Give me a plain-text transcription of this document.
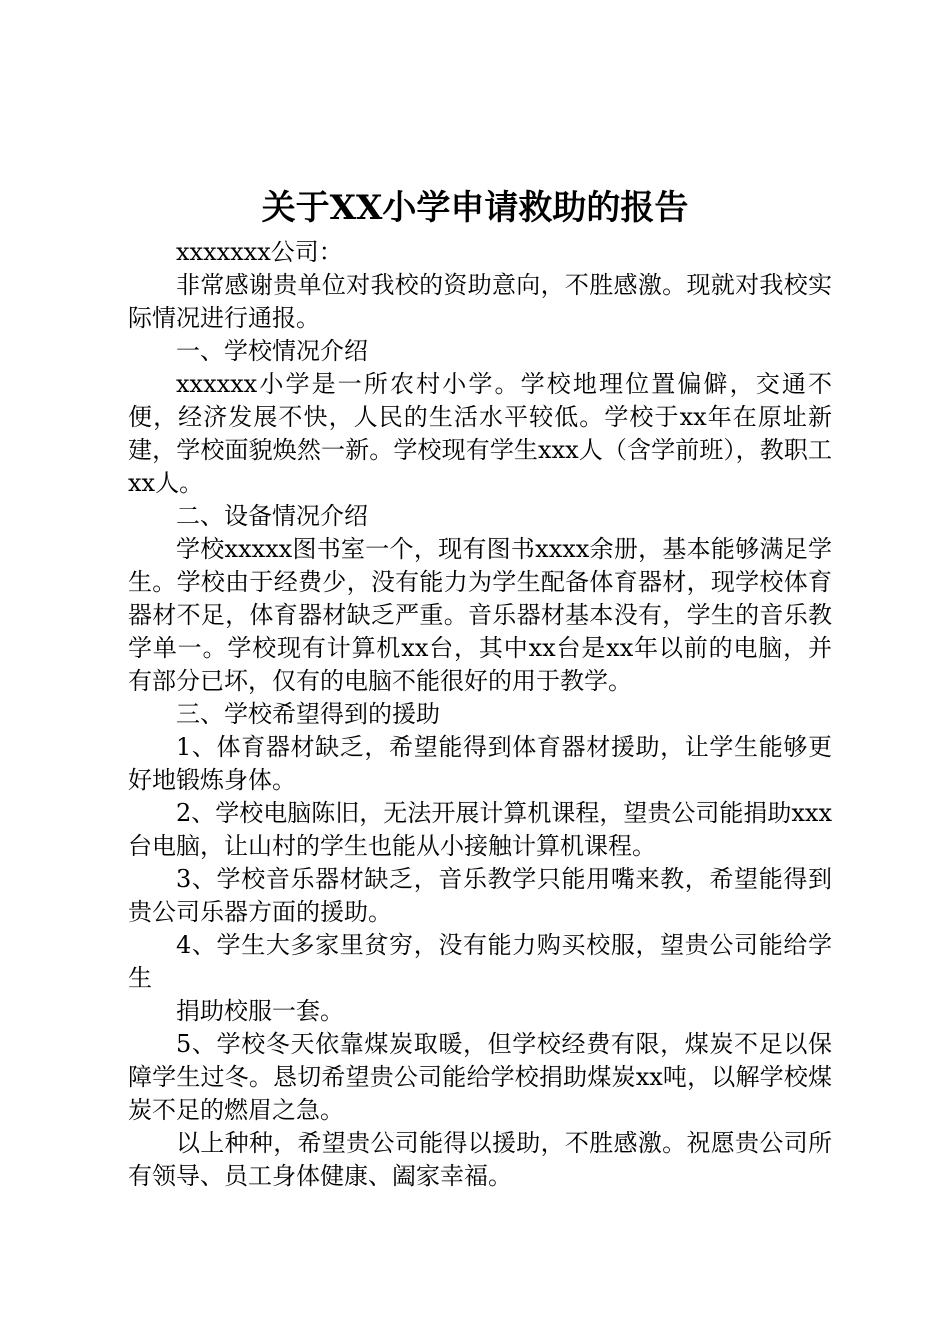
关于XX小学申请救助的报告

xxxxxxx公司：

非常感谢贵单位对我校的资助意向，不胜感激。现就对我校实际情况进行通报。

一、学校情况介绍

xxxxxx小学是一所农村小学。学校地理位置偏僻，交通不便，经济发展不快，人民的生活水平较低。学校于xx年在原址新建，学校面貌焕然一新。学校现有学生xxx人（含学前班），教职工xx人。

二、设备情况介绍

学校xxxxx图书室一个，现有图书xxxx余册，基本能够满足学生。学校由于经费少，没有能力为学生配备体育器材，现学校体育器材不足，体育器材缺乏严重。音乐器材基本没有，学生的音乐教学单一。学校现有计算机xx台，其中xx台是xx年以前的电脑，并有部分已坏，仅有的电脑不能很好的用于教学。

三、学校希望得到的援助

1、体育器材缺乏，希望能得到体育器材援助，让学生能够更好地锻炼身体。

2、学校电脑陈旧，无法开展计算机课程，望贵公司能捐助xxx台电脑，让山村的学生也能从小接触计算机课程。

3、学校音乐器材缺乏，音乐教学只能用嘴来教，希望能得到贵公司乐器方面的援助。

4、学生大多家里贫穷，没有能力购买校服，望贵公司能给学生

捐助校服一套。

5、学校冬天依靠煤炭取暖，但学校经费有限，煤炭不足以保障学生过冬。恳切希望贵公司能给学校捐助煤炭xx吨，以解学校煤炭不足的燃眉之急。

以上种种，希望贵公司能得以援助，不胜感激。祝愿贵公司所有领导、员工身体健康、阖家幸福。
